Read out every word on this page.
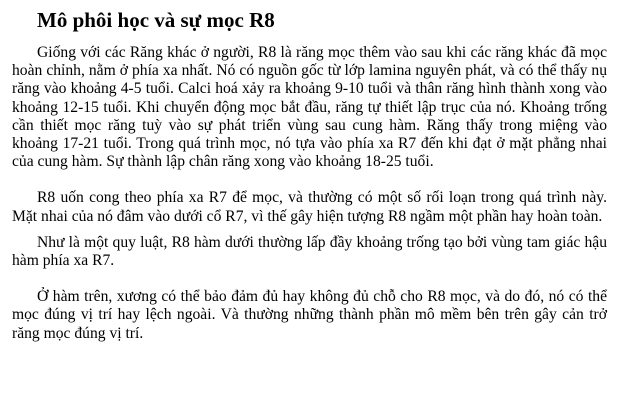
Mô phôi học và sự mọc R8

Giống với các Răng khác ở người, R8 là răng mọc thêm vào sau khi các răng khác đã mọc hoàn chỉnh, nằm ở phía xa nhất. Nó có nguồn gốc từ lớp lamina nguyên phát, và có thể thấy nụ răng vào khoảng 4-5 tuổi. Calci hoá xảy ra khoảng 9-10 tuổi và thân răng hình thành xong vào khoảng 12-15 tuổi. Khi chuyển động mọc bắt đầu, răng tự thiết lập trục của nó. Khoảng trống cần thiết mọc răng tuỳ vào sự phát triển vùng sau cung hàm. Răng thấy trong miệng vào khoảng 17-21 tuổi. Trong quá trình mọc, nó tựa vào phía xa R7 đến khi đạt ở mặt phẳng nhai của cung hàm. Sự thành lập chân răng xong vào khoảng 18-25 tuổi.

R8 uốn cong theo phía xa R7 để mọc, và thường có một số rối loạn trong quá trình này. Mặt nhai của nó đâm vào dưới cổ R7, vì thế gây hiện tượng R8 ngầm một phần hay hoàn toàn.

Như là một quy luật, R8 hàm dưới thường lấp đầy khoảng trống tạo bởi vùng tam giác hậu hàm phía xa R7.

Ở hàm trên, xương có thể bảo đảm đủ hay không đủ chỗ cho R8 mọc, và do đó, nó có thể mọc đúng vị trí hay lệch ngoài. Và thường những thành phần mô mềm bên trên gây cản trở răng mọc đúng vị trí.
